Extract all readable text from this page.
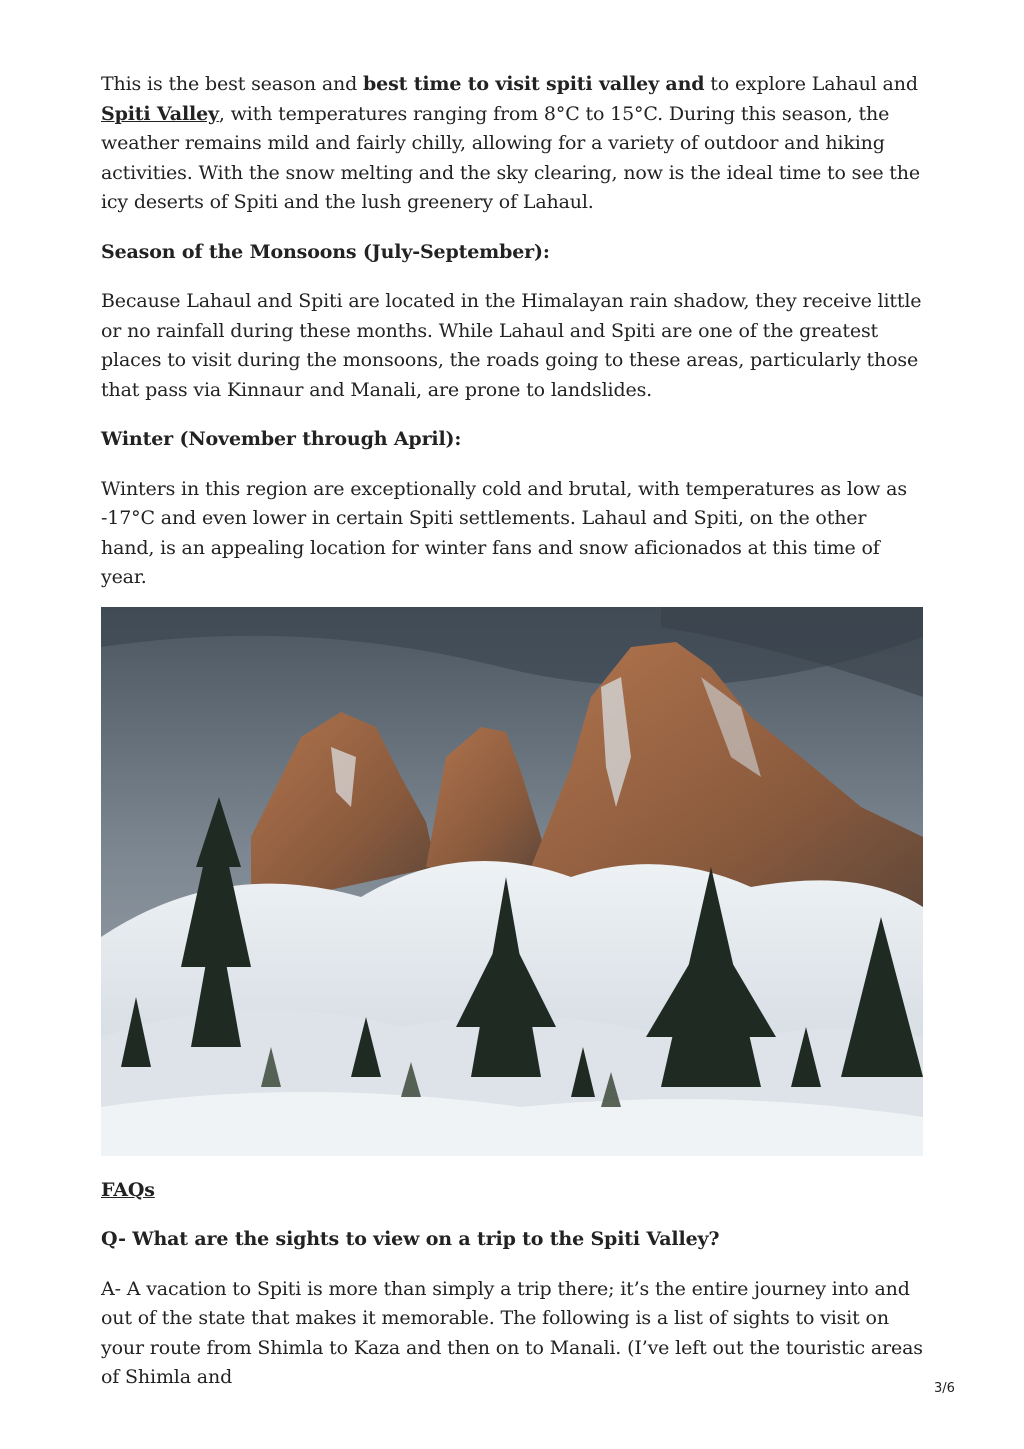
This is the best season and best time to visit spiti valley and to explore Lahaul and Spiti Valley, with temperatures ranging from 8°C to 15°C. During this season, the weather remains mild and fairly chilly, allowing for a variety of outdoor and hiking activities. With the snow melting and the sky clearing, now is the ideal time to see the icy deserts of Spiti and the lush greenery of Lahaul.

Season of the Monsoons (July-September):

Because Lahaul and Spiti are located in the Himalayan rain shadow, they receive little or no rainfall during these months. While Lahaul and Spiti are one of the greatest places to visit during the monsoons, the roads going to these areas, particularly those that pass via Kinnaur and Manali, are prone to landslides.

Winter (November through April):

Winters in this region are exceptionally cold and brutal, with temperatures as low as -17°C and even lower in certain Spiti settlements. Lahaul and Spiti, on the other hand, is an appealing location for winter fans and snow aficionados at this time of year.

FAQs

Q- What are the sights to view on a trip to the Spiti Valley?

A- A vacation to Spiti is more than simply a trip there; it’s the entire journey into and out of the state that makes it memorable. The following is a list of sights to visit on your route from Shimla to Kaza and then on to Manali. (I’ve left out the touristic areas of Shimla and

3/6
